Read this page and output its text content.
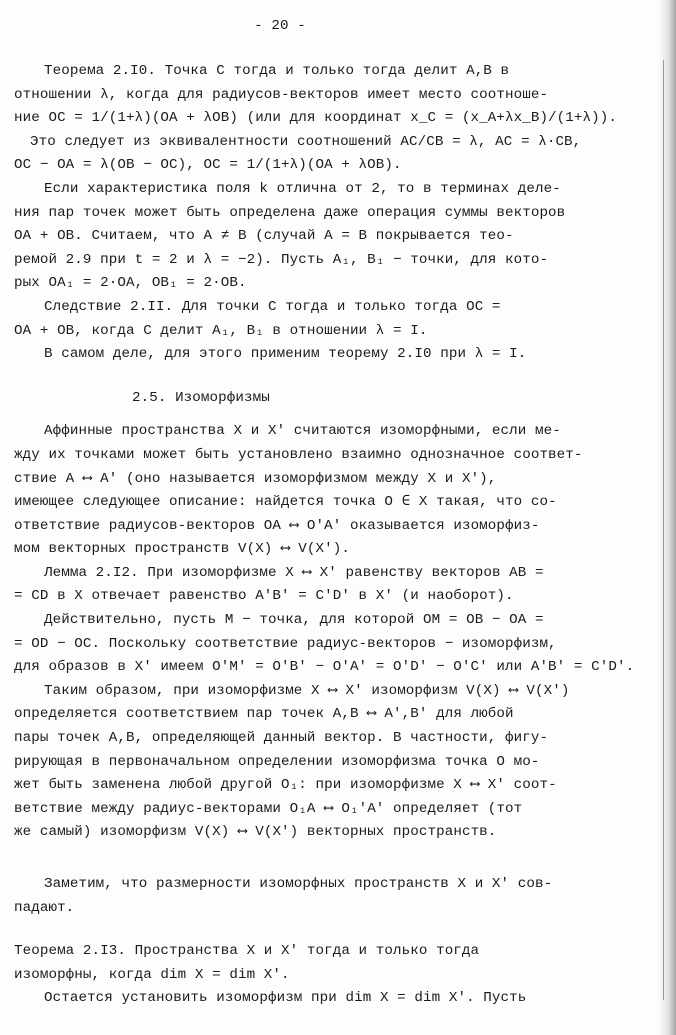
- 20 -
Теорема 2.I0. Точка C тогда и только тогда делит A,B в
отношении λ, когда для радиусов-векторов имеет место соотноше-
ние OC = 1/(1+λ)(OA + λOB) (или для координат x_C = (x_A+λx_B)/(1+λ)).
Это следует из эквивалентности соотношений AC/CB = λ, AC = λ·CB,
OC − OA = λ(OB − OC), OC = 1/(1+λ)(OA + λOB).
Если характеристика поля k отлична от 2, то в терминах деле-
ния пар точек может быть определена даже операция суммы векторов
OA + OB. Считаем, что A ≠ B (случай A = B покрывается тео-
ремой 2.9 при t = 2 и λ = −2). Пусть A₁, B₁ − точки, для кото-
рых OA₁ = 2·OA, OB₁ = 2·OB.
Следствие 2.II. Для точки C тогда и только тогда OC =
OA + OB, когда C делит A₁, B₁ в отношении λ = I.
В самом деле, для этого применим теорему 2.I0 при λ = I.
2.5. Изоморфизмы
Аффинные пространства X и X′ считаются изоморфными, если ме-
жду их точками может быть установлено взаимно однозначное соответ-
ствие A ⟷ A′ (оно называется изоморфизмом между X и X′),
имеющее следующее описание: найдется точка O ∈ X такая, что со-
ответствие радиусов-векторов OA ⟷ O′A′ оказывается изоморфиз-
мом векторных пространств V(X) ⟷ V(X′).
Лемма 2.I2. При изоморфизме X ⟷ X′ равенству векторов AB =
= CD в X отвечает равенство A′B′ = C′D′ в X′ (и наоборот).
Действительно, пусть M − точка, для которой OM = OB − OA =
= OD − OC. Поскольку соответствие радиус-векторов − изоморфизм,
для образов в X′ имеем O′M′ = O′B′ − O′A′ = O′D′ − O′C′ или A′B′ = C′D′.
Таким образом, при изоморфизме X ⟷ X′ изоморфизм V(X) ⟷ V(X′)
определяется соответствием пар точек A,B ⟷ A′,B′ для любой
пары точек A,B, определяющей данный вектор. В частности, фигу-
рирующая в первоначальном определении изоморфизма точка O мо-
жет быть заменена любой другой O₁: при изоморфизме X ⟷ X′ соот-
ветствие между радиус-векторами O₁A ⟷ O₁′A′ определяет (тот
же самый) изоморфизм V(X) ⟷ V(X′) векторных пространств.
Заметим, что размерности изоморфных пространств X и X′ сов-
падают.
Теорема 2.I3. Пространства X и X′ тогда и только тогда
изоморфны, когда dim X = dim X′.
Остается установить изоморфизм при dim X = dim X′. Пусть
